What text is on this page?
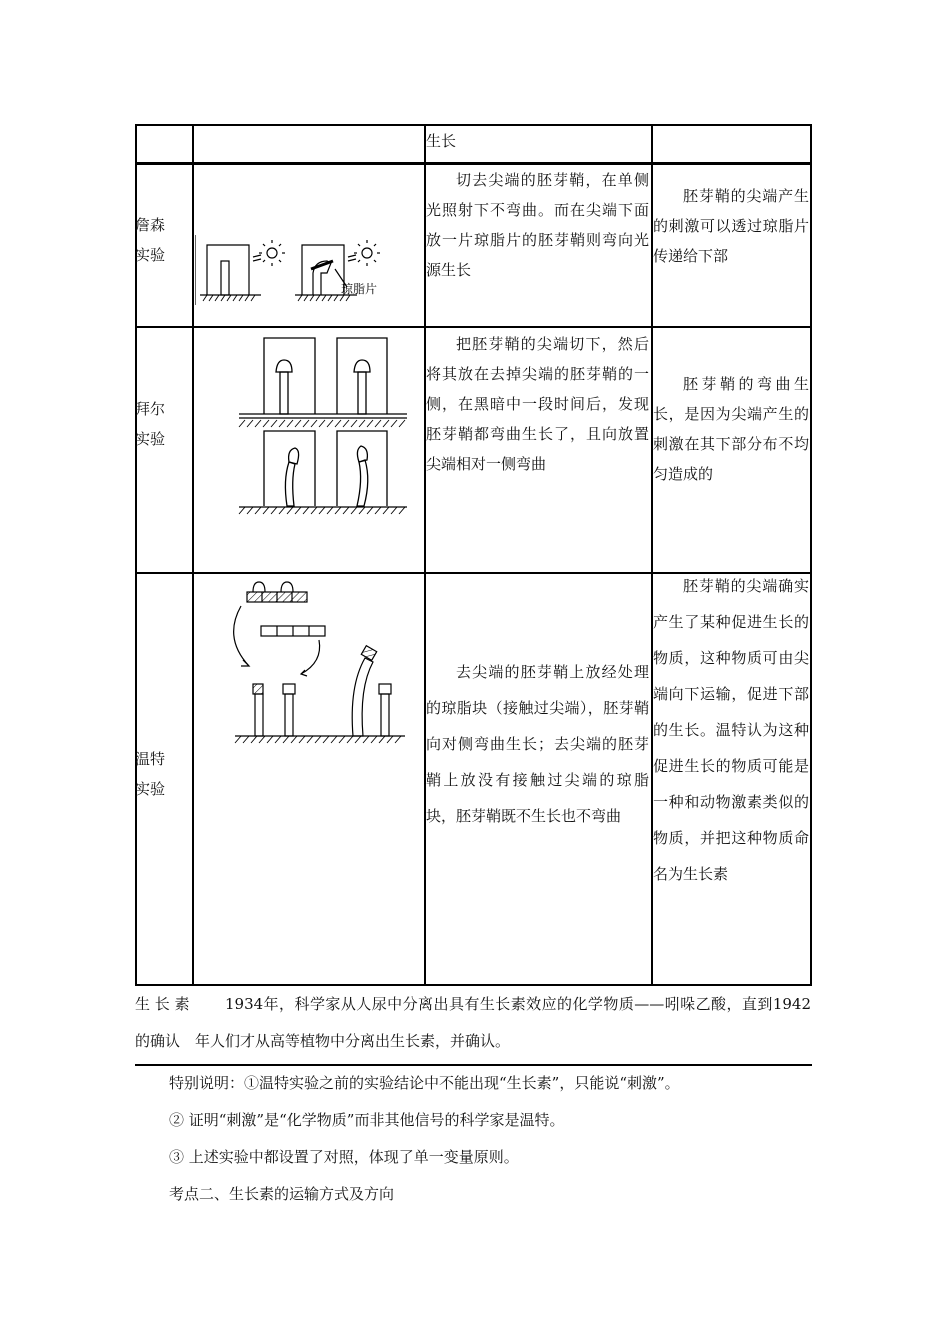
生长
詹森
实验
琼脂片
切去尖端的胚芽鞘，在单侧光照射下不弯曲。而在尖端下面放一片琼脂片的胚芽鞘则弯向光源生长
胚芽鞘的尖端产生的刺激可以透过琼脂片传递给下部
拜尔
实验
把胚芽鞘的尖端切下，然后将其放在去掉尖端的胚芽鞘的一侧，在黑暗中一段时间后，发现胚芽鞘都弯曲生长了，且向放置尖端相对一侧弯曲
胚芽鞘的弯曲生长，是因为尖端产生的刺激在其下部分布不均匀造成的
温特
实验
去尖端的胚芽鞘上放经处理的琼脂块（接触过尖端），胚芽鞘向对侧弯曲生长；去尖端的胚芽鞘上放没有接触过尖端的琼脂块，胚芽鞘既不生长也不弯曲
胚芽鞘的尖端确实产生了某种促进生长的物质，这种物质可由尖端向下运输，促进下部的生长。温特认为这种促进生长的物质可能是一种和动物激素类似的物质，并把这种物质命名为生长素
生 长 素
的确认
1934年，科学家从人尿中分离出具有生长素效应的化学物质——吲哚乙酸，直到1942年人们才从高等植物中分离出生长素，并确认。
特别说明：①温特实验之前的实验结论中不能出现“生长素”，只能说“刺激”。
② 证明“刺激”是“化学物质”而非其他信号的科学家是温特。
③ 上述实验中都设置了对照，体现了单一变量原则。
考点二、生长素的运输方式及方向
